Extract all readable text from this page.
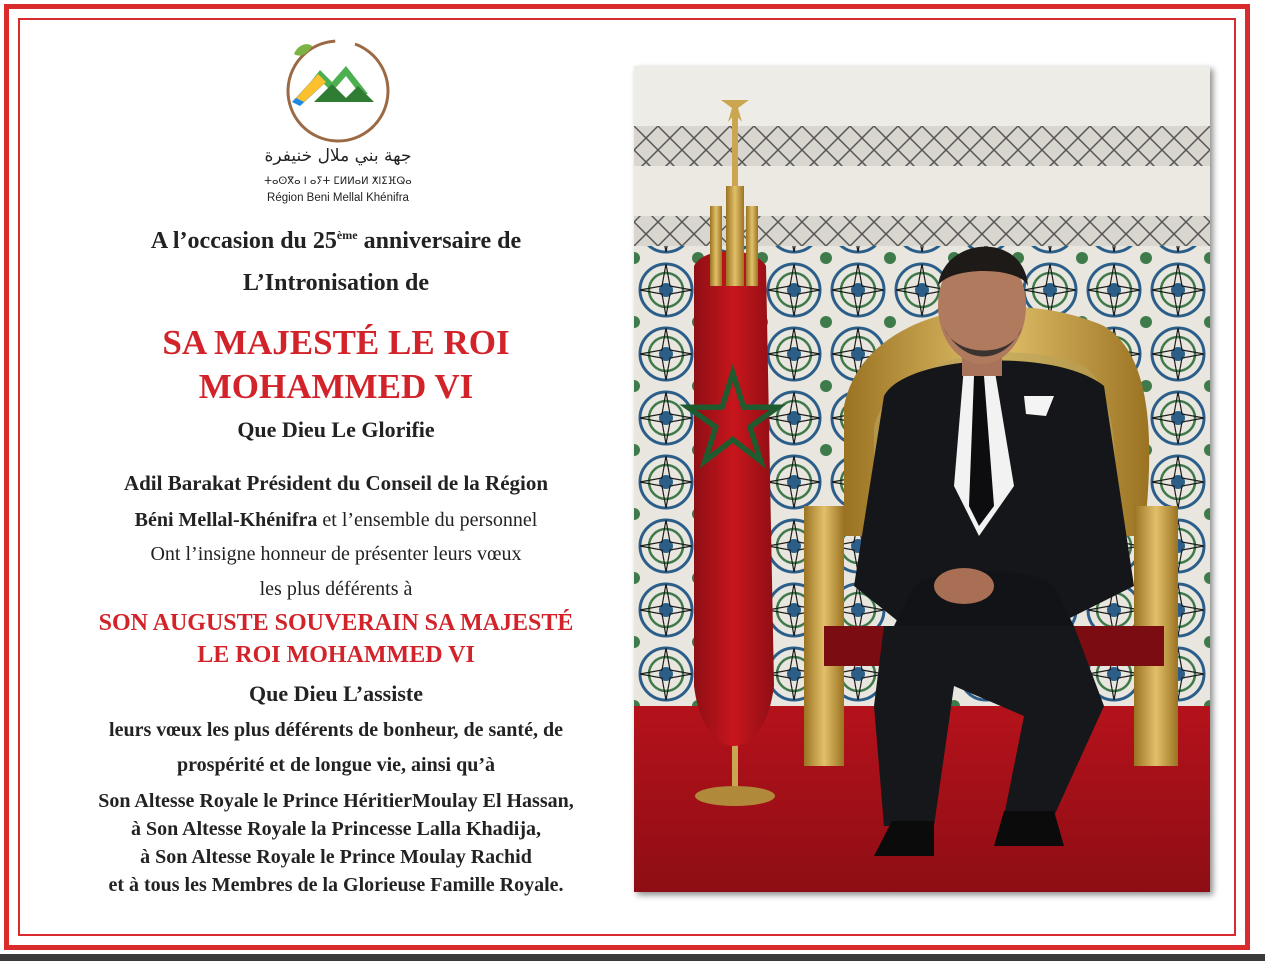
جهة بني ملال خنيفرة
ⵜⴰⵙⴳⴰ ⵏ ⴰⵢⵜ ⵎⵍⵍⴰⵍ ⵅⵏⵉⴼⵕⴰ
Région Beni Mellal Khénifra
A l’occasion du 25ème anniversaire de
L’Intronisation de
SA MAJESTÉ LE ROI
MOHAMMED VI
Que Dieu Le Glorifie
Adil Barakat Président du Conseil de la Région
Béni Mellal-Khénifra et l’ensemble du personnel
Ont l’insigne honneur de présenter leurs vœux
les plus déférents à
SON AUGUSTE SOUVERAIN SA MAJESTÉ
LE ROI MOHAMMED VI
Que Dieu L’assiste
leurs vœux les plus déférents de bonheur, de santé, de
prospérité et de longue vie, ainsi qu’à
Son Altesse Royale le Prince HéritierMoulay El Hassan,
à Son Altesse Royale la Princesse Lalla Khadija,
à Son Altesse Royale le Prince Moulay Rachid
et à tous les Membres de la Glorieuse Famille Royale.
